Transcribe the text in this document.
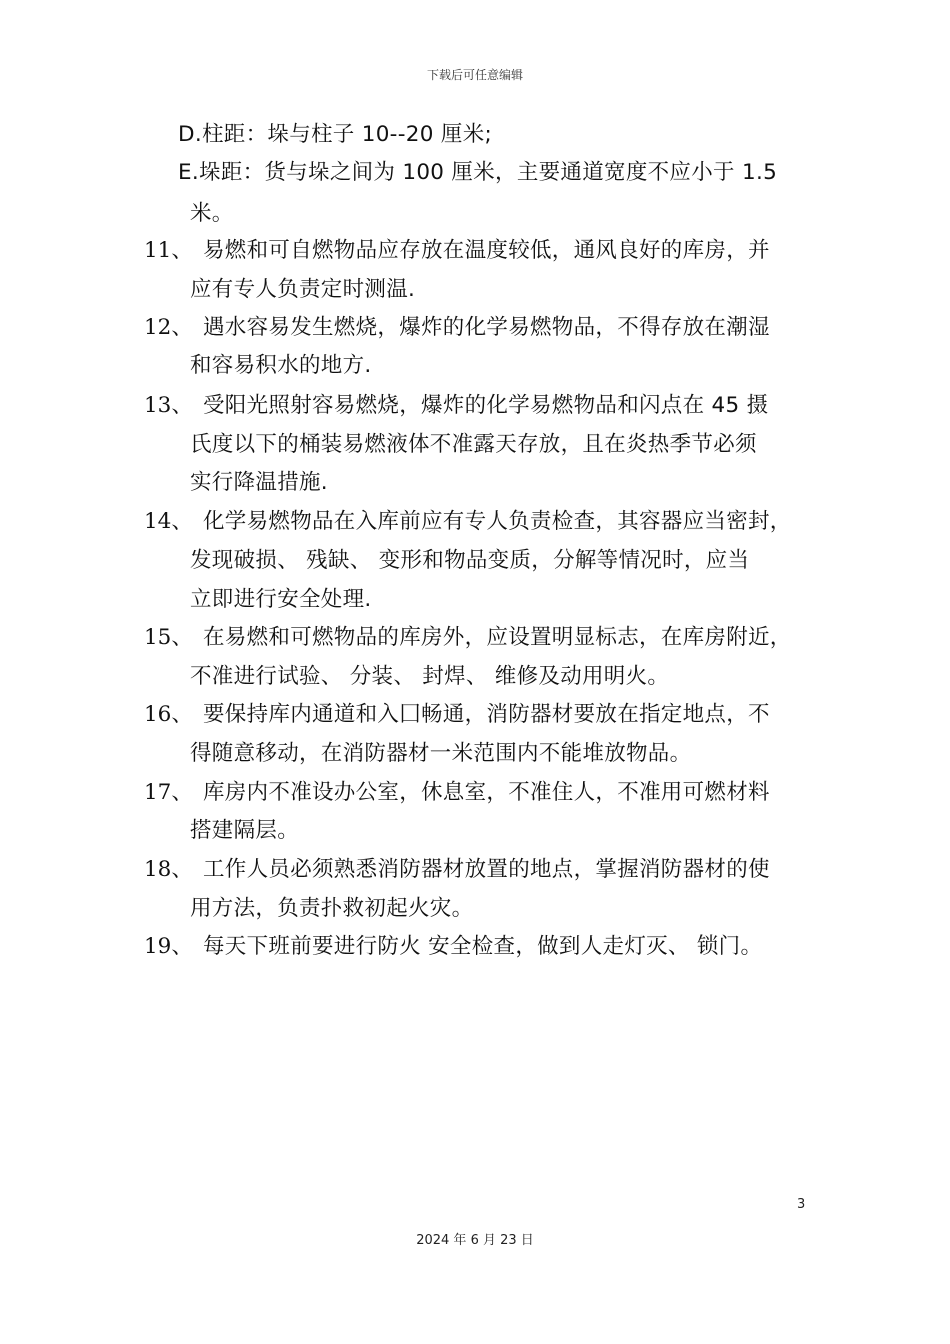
下载后可任意编辑
D.柱距：垛与柱子 10--20 厘米;
E.垛距：货与垛之间为 100 厘米，主要通道宽度不应小于 1.5
米。
11、 易燃和可自燃物品应存放在温度较低，通风良好的库房，并
应有专人负责定时测温.
12、 遇水容易发生燃烧，爆炸的化学易燃物品，不得存放在潮湿
和容易积水的地方.
13、 受阳光照射容易燃烧，爆炸的化学易燃物品和闪点在 45 摄
氏度以下的桶装易燃液体不准露天存放，且在炎热季节必须
实行降温措施.
14、 化学易燃物品在入库前应有专人负责检查，其容器应当密封，
发现破损、 残缺、 变形和物品变质，分解等情况时，应当
立即进行安全处理.
15、 在易燃和可燃物品的库房外，应设置明显标志，在库房附近，
不准进行试验、 分装、 封焊、 维修及动用明火。
16、 要保持库内通道和入囗畅通，消防器材要放在指定地点，不
得随意移动，在消防器材一米范围内不能堆放物品。
17、 库房内不准设办公室，休息室，不准住人，不准用可燃材料
搭建隔层。
18、 工作人员必须熟悉消防器材放置的地点，掌握消防器材的使
用方法，负责扑救初起火灾。
19、 每天下班前要进行防火 安全检查，做到人走灯灭、 锁门。
3
2024 年 6 月 23 日
